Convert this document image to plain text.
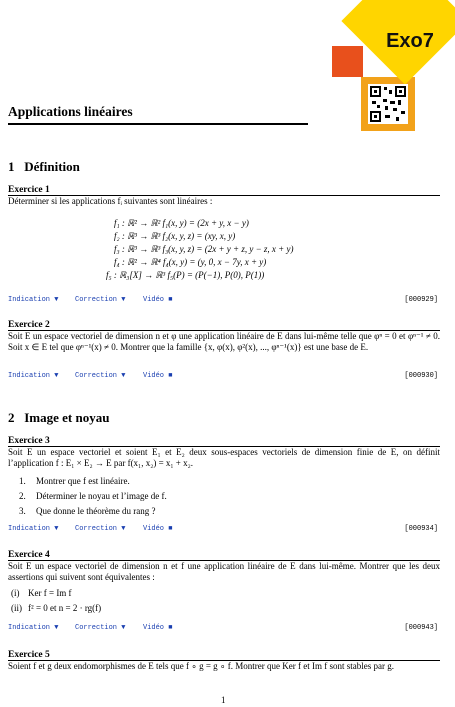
Exo7
Applications linéaires
1 Définition
Exercice 1
Déterminer si les applications fᵢ suivantes sont linéaires :
f₁ : ℝ² → ℝ² f₁(x, y) = (2x + y, x − y)
f₂ : ℝ³ → ℝ³ f₂(x, y, z) = (xy, x, y)
f₃ : ℝ³ → ℝ³ f₃(x, y, z) = (2x + y + z, y − z, x + y)
f₄ : ℝ² → ℝ⁴ f₄(x, y) = (y, 0, x − 7y, x + y)
f₅ : ℝ₃[X] → ℝ³ f₅(P) = (P(−1), P(0), P(1))
Indication ▼ Correction ▼	Vidéo ■	[000929]
Exercice 2
Soit E un espace vectoriel de dimension n et φ une application linéaire de E dans lui-même telle que φⁿ = 0 et φⁿ⁻¹ ≠ 0. Soit x ∈ E tel que φⁿ⁻¹(x) ≠ 0. Montrer que la famille {x, φ(x), φ²(x), ..., φⁿ⁻¹(x)} est une base de E.
Indication ▼ Correction ▼	Vidéo ■	[000930]
2 Image et noyau
Exercice 3
Soit E un espace vectoriel et soient E₁ et E₂ deux sous-espaces vectoriels de dimension finie de E, on définit l’application f : E₁ × E₂ → E par f(x₁, x₂) = x₁ + x₂.
1. Montrer que f est linéaire.
2. Déterminer le noyau et l’image de f.
3. Que donne le théorème du rang ?
Indication ▼ Correction ▼	Vidéo ■	[000934]
Exercice 4
Soit E un espace vectoriel de dimension n et f une application linéaire de E dans lui-même. Montrer que les deux assertions qui suivent sont équivalentes :
(i) Ker f = Im f
(ii) f² = 0 et n = 2 · rg(f)
Indication ▼ Correction ▼	Vidéo ■	[000943]
Exercice 5
Soient f et g deux endomorphismes de E tels que f ∘ g = g ∘ f. Montrer que Ker f et Im f sont stables par g.
1
